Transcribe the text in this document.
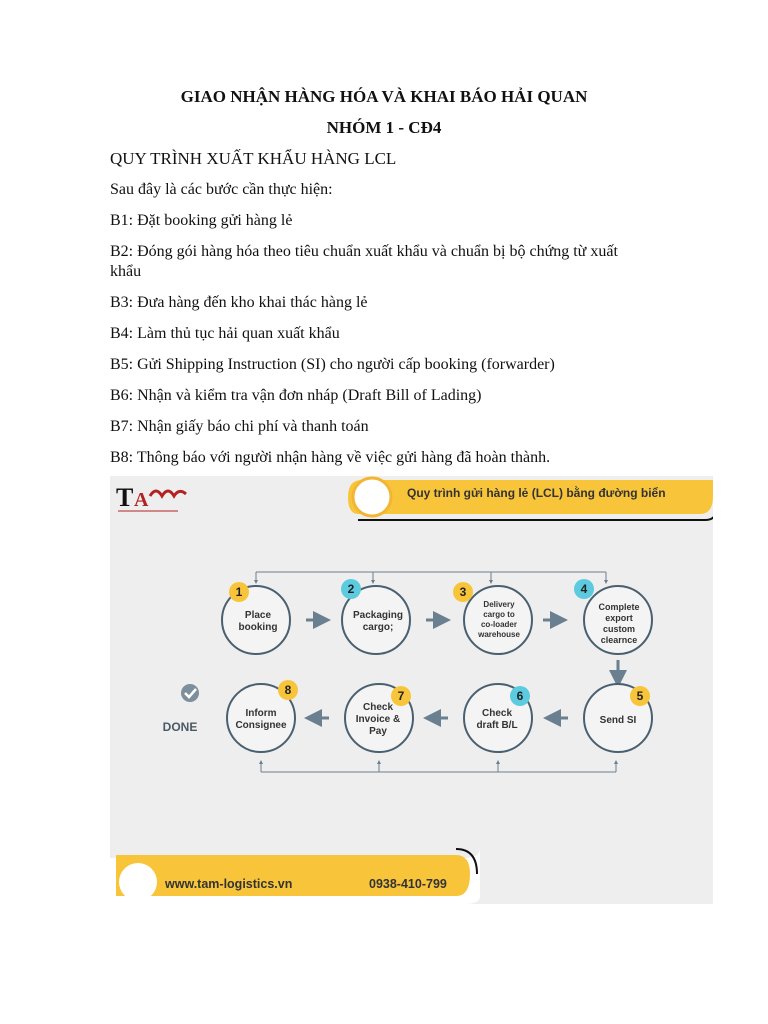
GIAO NHẬN HÀNG HÓA VÀ KHAI BÁO HẢI QUAN
NHÓM 1 - CĐ4
QUY TRÌNH XUẤT KHẨU HÀNG LCL
Sau đây là các bước cần thực hiện:
B1: Đặt booking gửi hàng lẻ
B2: Đóng gói hàng hóa theo tiêu chuẩn xuất khẩu và chuẩn bị bộ chứng từ xuất
khẩu
B3: Đưa hàng đến kho khai thác hàng lẻ
B4: Làm thủ tục hải quan xuất khẩu
B5: Gửi Shipping Instruction (SI) cho người cấp booking (forwarder)
B6: Nhận và kiểm tra vận đơn nháp (Draft Bill of Lading)
B7: Nhận giấy báo chi phí và thanh toán
B8: Thông báo với người nhận hàng về việc gửi hàng đã hoàn thành.
T A	Quy trình gửi hàng lẻ (LCL) bằng đường biển
1
Place
booking
2
Packaging
cargo;
3
Delivery
cargo to
co-loader
warehouse
4
Complete
export
custom
clearnce
5
Send SI
6
Check
draft B/L
7
Check
Invoice &
Pay
8
Inform
Consignee
DONE
www.tam-logistics.vn	0938-410-799
